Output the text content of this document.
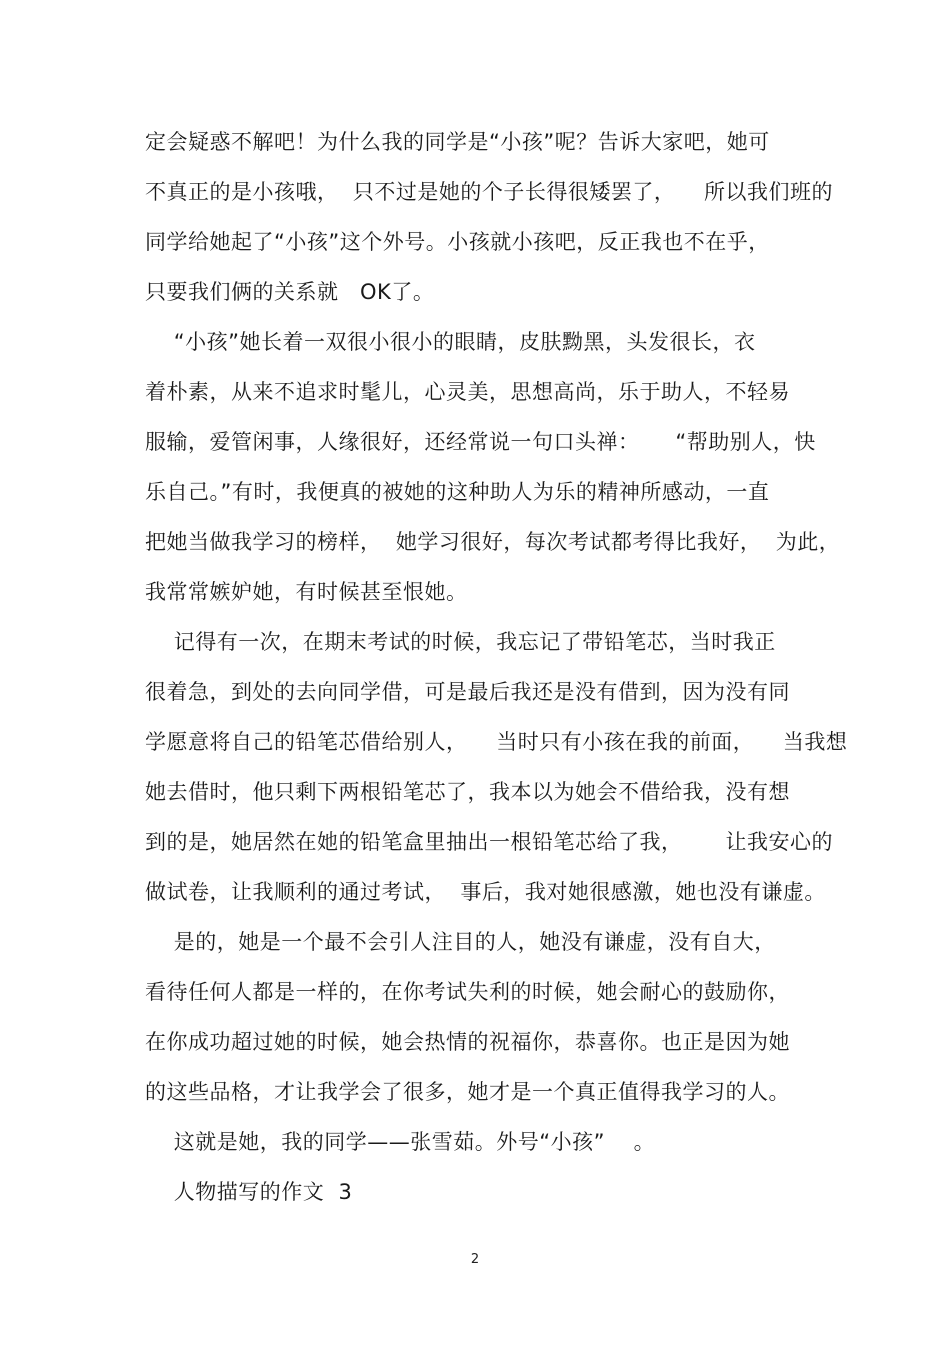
定会疑惑不解吧！为什么我的同学是“小孩”呢？告诉大家吧，她可
不真正的是小孩哦，  只不过是她的个子长得很矮罢了，    所以我们班的
同学给她起了“小孩”这个外号。小孩就小孩吧，反正我也不在乎，
只要我们俩的关系就   OK了。
“小孩”她长着一双很小很小的眼睛，皮肤黝黑，头发很长，衣
着朴素，从来不追求时髦儿，心灵美，思想高尚，乐于助人，不轻易
服输，爱管闲事，人缘很好，还经常说一句口头禅：     “帮助别人，快
乐自己。”有时，我便真的被她的这种助人为乐的精神所感动，一直
把她当做我学习的榜样，  她学习很好，每次考试都考得比我好，  为此，
我常常嫉妒她，有时候甚至恨她。
记得有一次，在期末考试的时候，我忘记了带铅笔芯，当时我正
很着急，到处的去向同学借，可是最后我还是没有借到，因为没有同
学愿意将自己的铅笔芯借给别人，    当时只有小孩在我的前面，    当我想
她去借时，他只剩下两根铅笔芯了，我本以为她会不借给我，没有想
到的是，她居然在她的铅笔盒里抽出一根铅笔芯给了我，      让我安心的
做试卷，让我顺利的通过考试，  事后，我对她很感激，她也没有谦虚。
是的，她是一个最不会引人注目的人，她没有谦虚，没有自大，
看待任何人都是一样的，在你考试失利的时候，她会耐心的鼓励你，
在你成功超过她的时候，她会热情的祝福你，恭喜你。也正是因为她
的这些品格，才让我学会了很多，她才是一个真正值得我学习的人。
这就是她，我的同学——张雪茹。外号“小孩”    。
人物描写的作文  3
2
